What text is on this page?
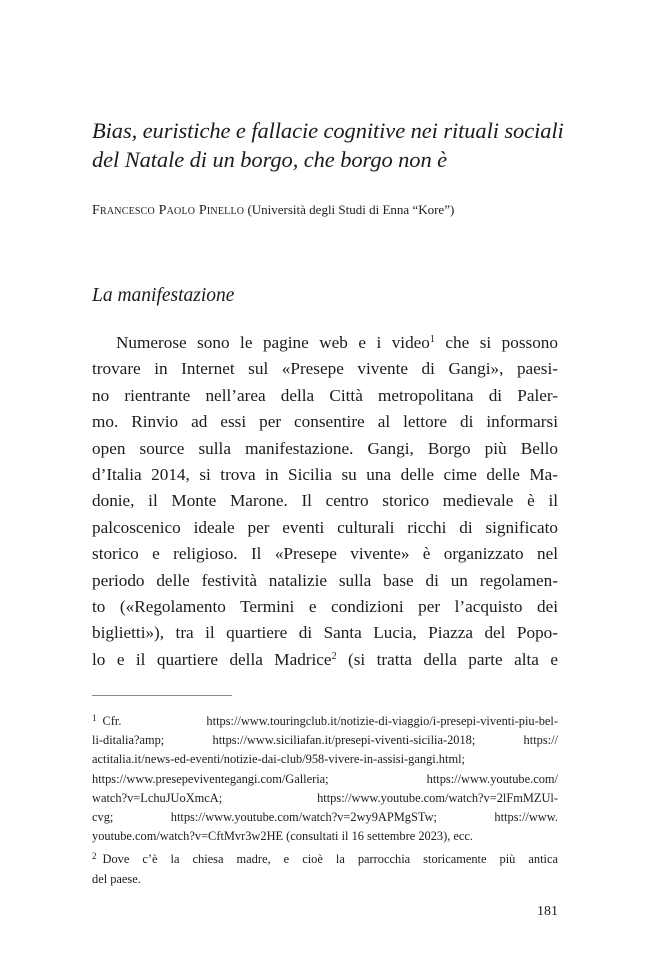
Bias, euristiche e fallacie cognitive nei rituali sociali
del Natale di un borgo, che borgo non è
Francesco Paolo Pinello (Università degli Studi di Enna “Kore”)
La manifestazione
Numerose sono le pagine web e i video$^1$ che si possono
trovare in Internet sul «Presepe vivente di Gangi», paesi-
no rientrante nell’area della Città metropolitana di Paler-
mo. Rinvio ad essi per consentire al lettore di informarsi
open source sulla manifestazione. Gangi, Borgo più Bello
d’Italia 2014, si trova in Sicilia su una delle cime delle Ma-
donie, il Monte Marone. Il centro storico medievale è il
palcoscenico ideale per eventi culturali ricchi di significato
storico e religioso. Il «Presepe vivente» è organizzato nel
periodo delle festività natalizie sulla base di un regolamen-
to («Regolamento Termini e condizioni per l’acquisto dei
biglietti»), tra il quartiere di Santa Lucia, Piazza del Popo-
lo e il quartiere della Madrice$^2$ (si tratta della parte alta e
$^1$ Cfr. https://www.touringclub.it/notizie-di-viaggio/i-presepi-viventi-piu-bel-
li-ditalia?amp; https://www.siciliafan.it/presepi-viventi-sicilia-2018; https://
actitalia.it/news-ed-eventi/notizie-dai-club/958-vivere-in-assisi-gangi.html;
https://www.presepeviventegangi.com/Galleria; https://www.youtube.com/
watch?v=LchuJUoXmcA; https://www.youtube.com/watch?v=2lFmMZUl-
cvg; https://www.youtube.com/watch?v=2wy9APMgSTw; https://www.
youtube.com/watch?v=CftMvr3w2HE (consultati il 16 settembre 2023), ecc.
$^2$ Dove c’è la chiesa madre, e cioè la parrocchia storicamente più antica
del paese.
181
